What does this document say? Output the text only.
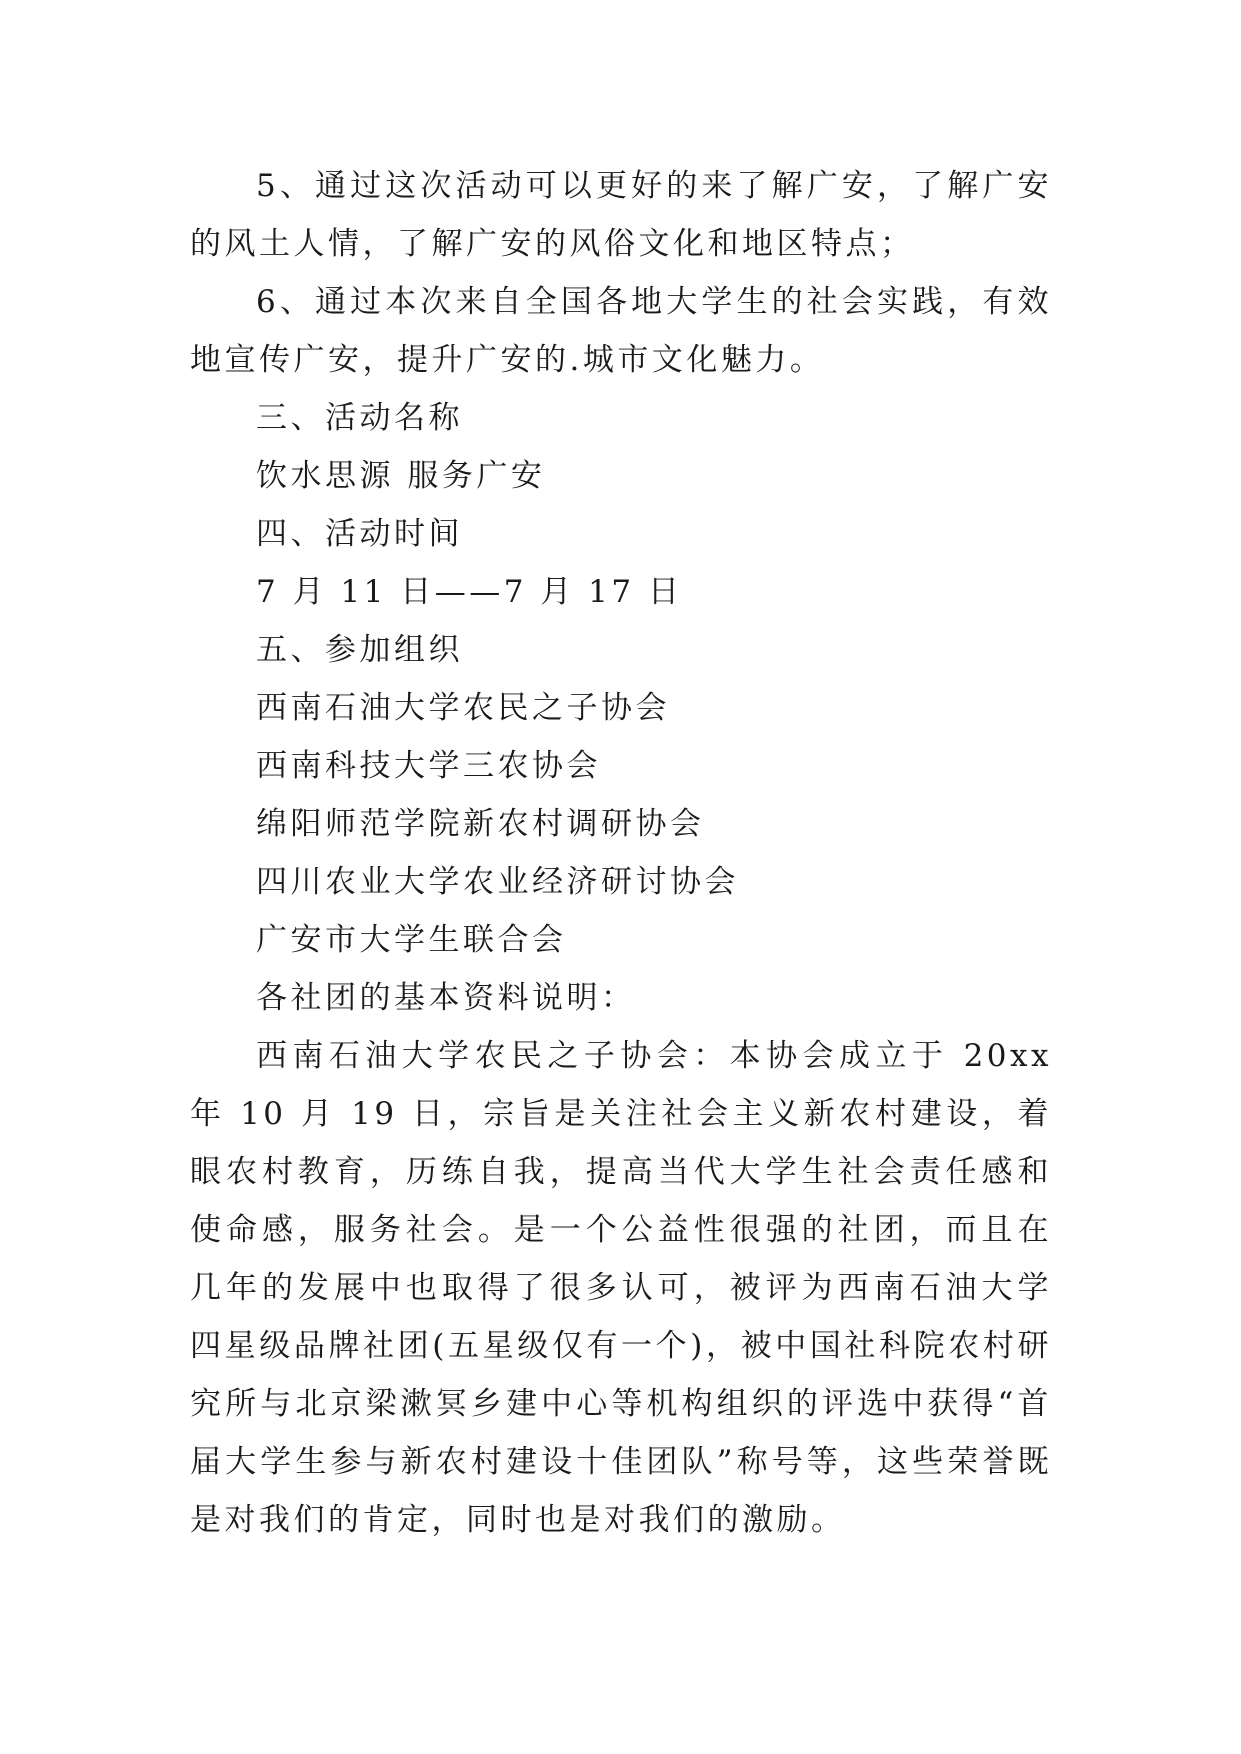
5、通过这次活动可以更好的来了解广安，了解广安的风土人情，了解广安的风俗文化和地区特点；

6、通过本次来自全国各地大学生的社会实践，有效地宣传广安，提升广安的.城市文化魅力。

三、活动名称

饮水思源 服务广安

四、活动时间

7 月 11 日——7 月 17 日

五、参加组织

西南石油大学农民之子协会

西南科技大学三农协会

绵阳师范学院新农村调研协会

四川农业大学农业经济研讨协会

广安市大学生联合会

各社团的基本资料说明：

西南石油大学农民之子协会：本协会成立于 20xx 年 10 月 19 日，宗旨是关注社会主义新农村建设，着眼农村教育，历练自我，提高当代大学生社会责任感和使命感，服务社会。是一个公益性很强的社团，而且在几年的发展中也取得了很多认可，被评为西南石油大学四星级品牌社团(五星级仅有一个)，被中国社科院农村研究所与北京梁漱冥乡建中心等机构组织的评选中获得“首届大学生参与新农村建设十佳团队”称号等，这些荣誉既是对我们的肯定，同时也是对我们的激励。
